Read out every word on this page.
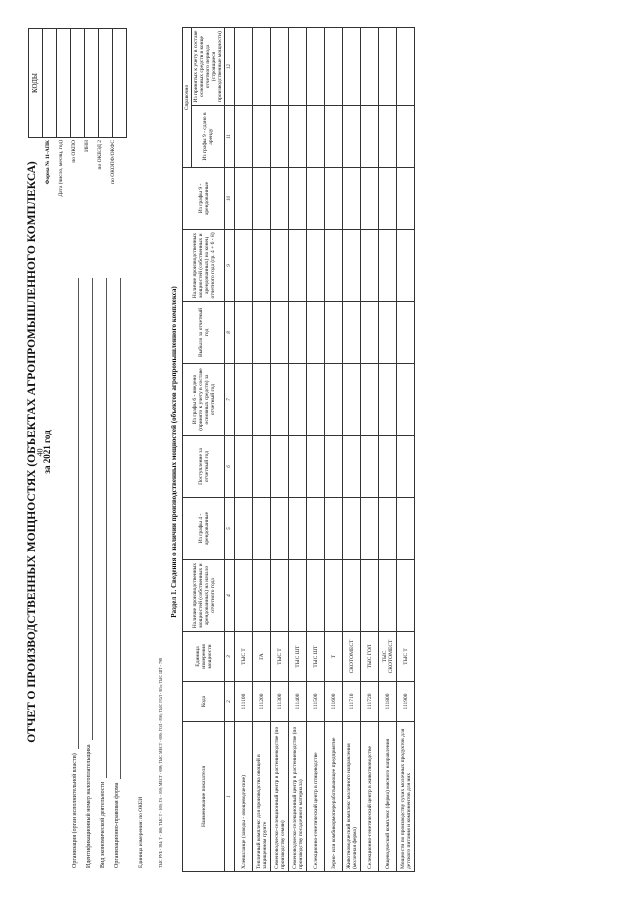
40
ОТЧЕТ О ПРОИЗВОДСТВЕННЫХ МОЩНОСТЯХ (ОБЪЕКТАХ АГРОПРОМЫШЛЕННОГО КОМПЛЕКСА) за 2021 год
Форма № 11-АПК	Дата (число, месяц, год)	по ОКПО	ИНН	по ОКВЭД 2	по ОКОПФ/ОКФС
КОДЫ
Организация (орган исполнительной власти)	Идентификационный номер налогоплательщика	Вид экономической деятельности	Организационно-правовая форма	Единица измерения: по ОКЕИ	ТЫС РУБ - 384; Т - 168; ТЫС Т - 169; ГА - 059; МЕСТ - 698; ТЫС МЕСТ - 699; ГОЛ - 836; ТЫС ГОЛ - 9Гн; ТЫС ШТ - 798
Раздел 1. Сведения о наличии производственных мощностей (объектов агропромышленного комплекса)
Наименование показателя	Кода	Единица измерения мощности	Наличие производственных мощностей (собственных и арендованных) на начало отчетного года	Из графы 4 - арендованные	Поступление за отчетный год	Из графы 6 - введено (принято к учету в составе основных средств) за отчетный год	Выбыло за отчетный год	Наличие производственных мощностей (собственных и арендованных) на конец отчетного года (гр. 4 + 6 - 8)	Из графы 9 - арендованные	Справочно	
										Из графы 9 - сдано в аренду	Из принятых к учету в составе основных средств в конце отчетного периода (строящиеся производственные мощности)
1	2	3	4	5	6	7	8	9	10	11	12
Хлевшлаице (заводы - овощеводческие)	111100	ТЫС Т									
Тепличный комплекс для производства овощей в защищенном грунте	111200	ГА									
Семеноводческо-селекционный центр в растениеводстве (по производству семян)	111300	ТЫС Т									
Семеноводческо-селекционный центр в растениеводстве (по производству посадочного материала)	111400	ТЫС ШТ									
Селекционно-генетический центр в птицеводстве	111500	ТЫС ШТ									
Зерно- или комбикормоперерабатывающее предприятие	111600	Т									
Животноводческий комплекс молочного направления (молочная ферма)	111710	СКОТОМЕСТ									
Селекционно-генетический центр в животноводстве	111720	ТЫС ГОЛ									
Овцеводческий комплекс (ферма) мясного направления	111800	ТЫС СКОТОМЕСТ									
Мощности по производству сухих молочных продуктов для детского питания и компонентов для них	111900	ТЫС Т									
